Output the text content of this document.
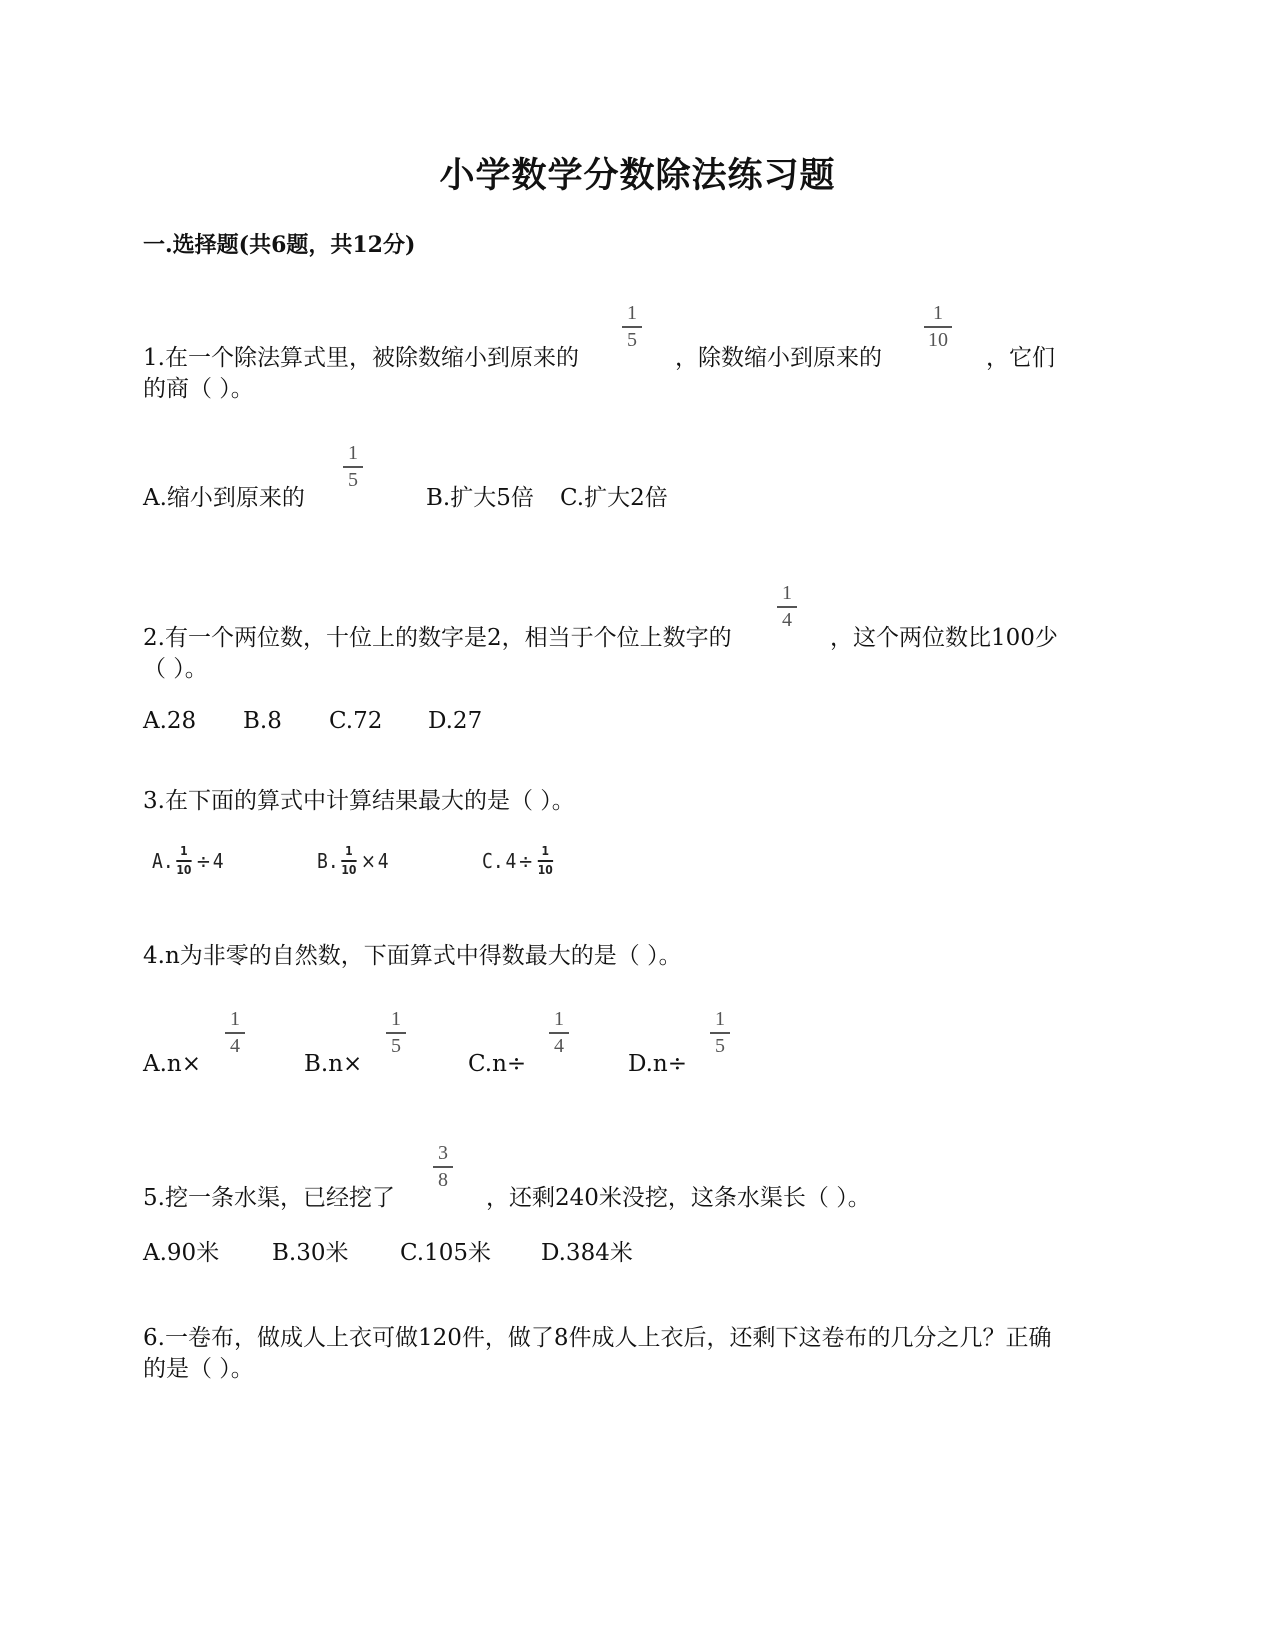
小学数学分数除法练习题
一.选择题(共6题，共12分)
1.在一个除法算式里，被除数缩小到原来的
1
5
，除数缩小到原来的
1
10
，它们
的商（ ）。
A.缩小到原来的
1
5
B.扩大5倍 C.扩大2倍
2.有一个两位数，十位上的数字是2，相当于个位上数字的
1
4
，这个两位数比100少
（ ）。
A.28 B.8 C.72 D.27
3.在下面的算式中计算结果最大的是（ ）。
A. 1
10 ÷ 4	B. 1
10 × 4	C. 4 ÷ 1
10
4.n为非零的自然数，下面算式中得数最大的是（ ）。
A.n×
1
4
B.n×
1
5
C.n÷
1
4
D.n÷
1
5
5.挖一条水渠，已经挖了
3
8
，还剩240米没挖，这条水渠长（ ）。
A.90米 B.30米 C.105米 D.384米
6.一卷布，做成人上衣可做120件，做了8件成人上衣后，还剩下这卷布的几分之几？正确
的是（ ）。
